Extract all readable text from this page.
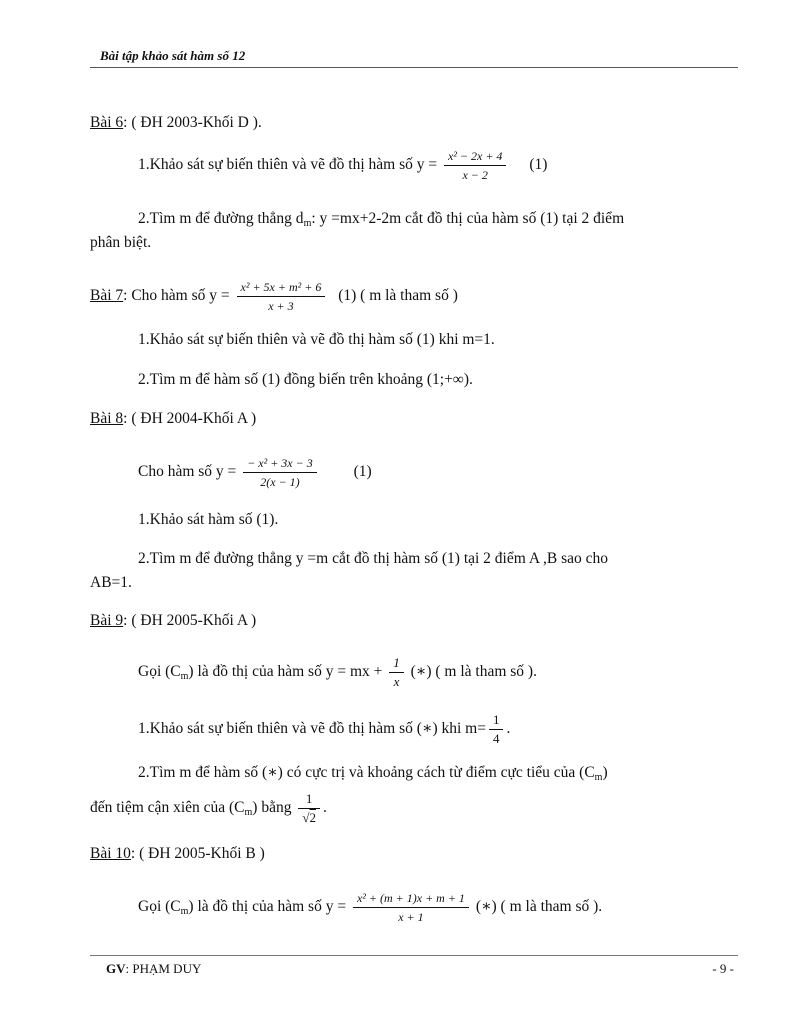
Bài tập khảo sát hàm số 12
Bài 6: ( ĐH 2003-Khối D ).
1.Khảo sát sự biến thiên và vẽ đồ thị hàm số $y = \frac{\text{x² − 2x + 4}}{x - 2} (1)$
2.Tìm m để đường thẳng $d_m$: y =mx+2-2m cắt đồ thị của hàm số (1) tại 2 điểm
phân biệt.
Bài 7: Cho hàm số $y = \frac{\text{x² + 5x + m² + 6}}{x + 3} (1)$ ( m là tham số )
1.Khảo sát sự biến thiên và vẽ đồ thị hàm số (1) khi m=1.
2.Tìm m để hàm số (1) đồng biến trên khoảng (1;+∞).
Bài 8: ( ĐH 2004-Khối A )
Cho hàm số $y = \frac{\text{− x² + 3x − 3}}{2(x - 1)} (1)$
1.Khảo sát hàm số (1).
2.Tìm m để đường thẳng y =m cắt đồ thị hàm số (1) tại 2 điểm A ,B sao cho
AB=1.
Bài 9: ( ĐH 2005-Khối A )
Gọi $(C_m)$ là đồ thị của hàm số y = mx + $\frac{1}{x}$ (∗) ( m là tham số ).
1.Khảo sát sự biến thiên và vẽ đồ thị hàm số (∗) khi $m= \frac{1}{4}$ .
2.Tìm m để hàm số (∗) có cực trị và khoảng cách từ điểm cực tiểu của $(C_m)$
đến tiệm cận xiên của $(C_m)$ bằng $\frac{1}{√2}$ .
Bài 10: ( ĐH 2005-Khối B )
Gọi $(C_m)$ là đồ thị của hàm số $y = \frac{\text{x² + (m + 1)x + m + 1}}{x + 1}$ (∗) ( m là tham số ).
GV: PHẠM DUY	- 9 -
